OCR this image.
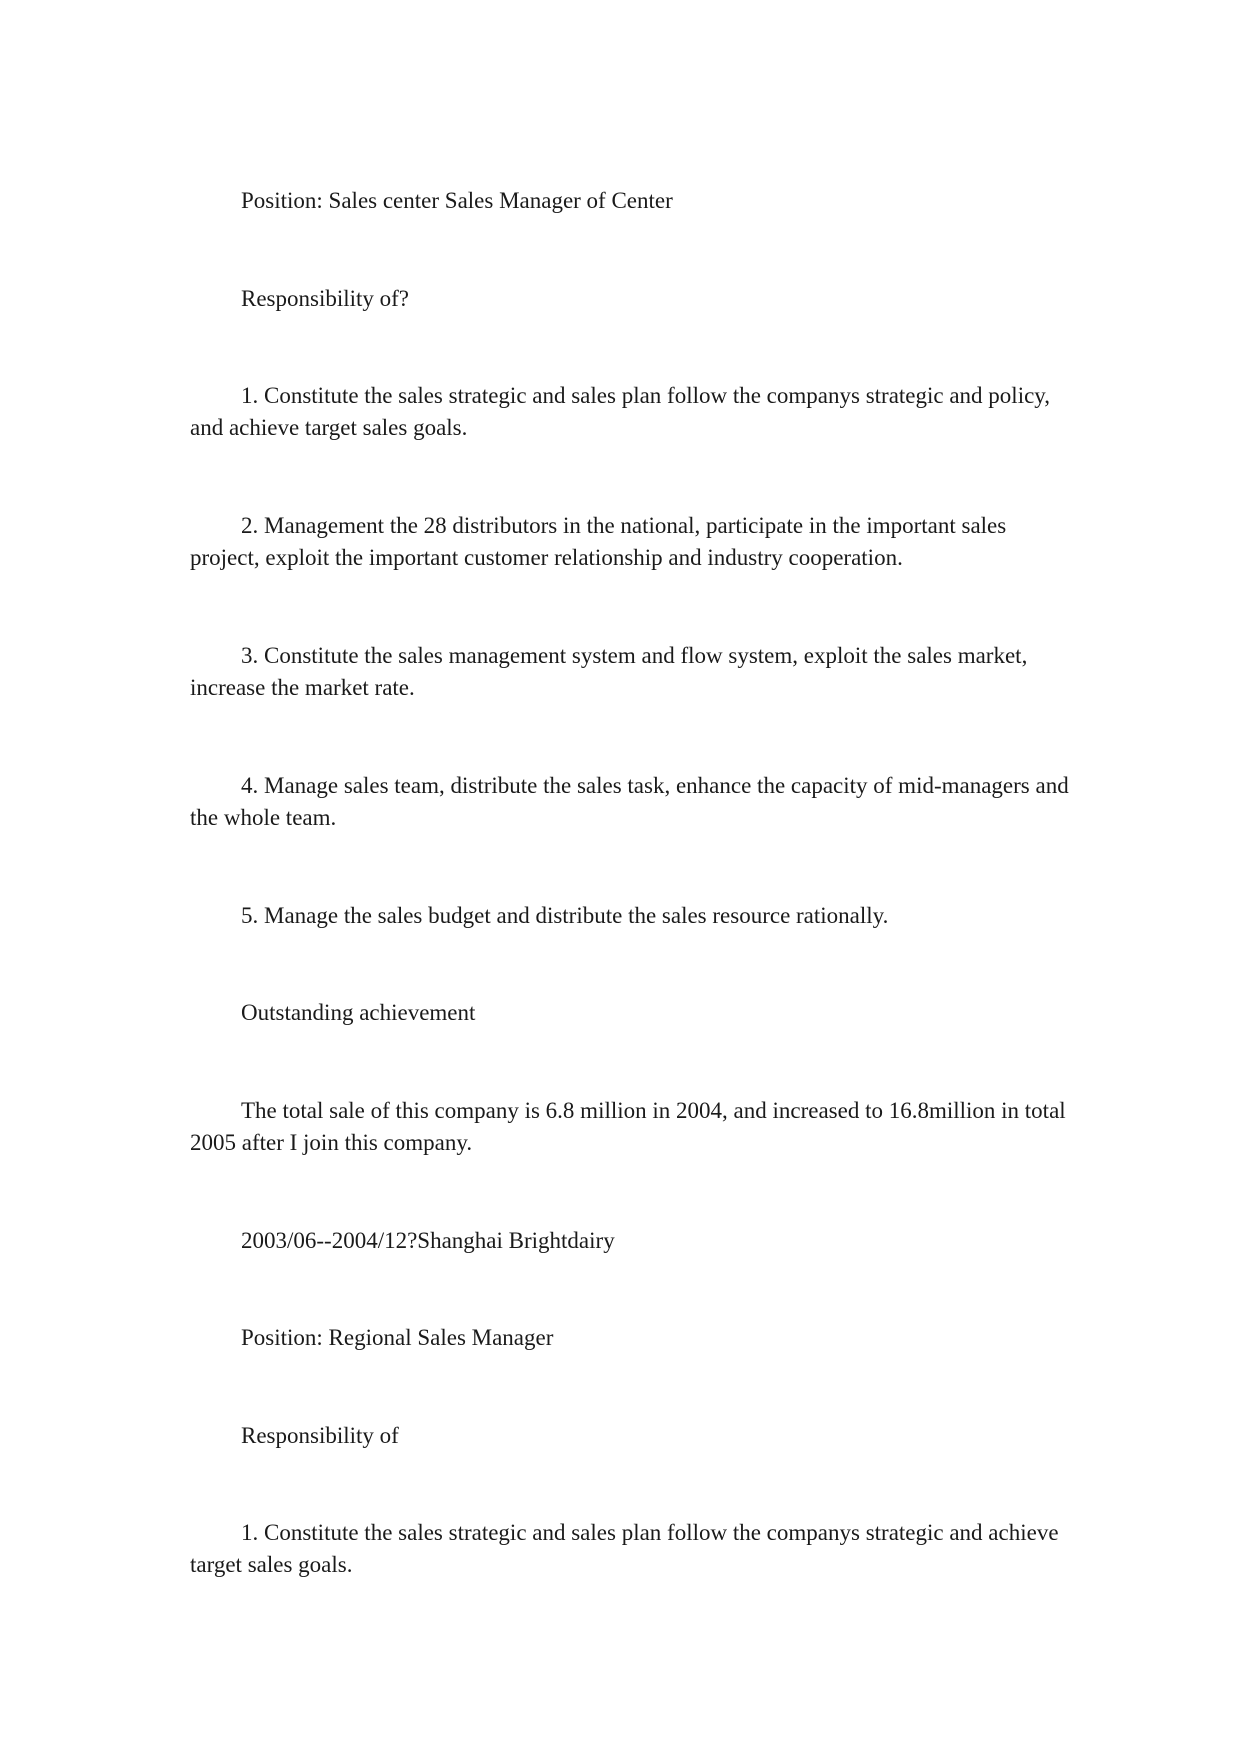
Position: Sales center Sales Manager of Center

Responsibility of?

1. Constitute the sales strategic and sales plan follow the companys strategic and policy, and achieve target sales goals.

2. Management the 28 distributors in the national, participate in the important sales project, exploit the important customer relationship and industry cooperation.

3. Constitute the sales management system and flow system, exploit the sales market, increase the market rate.

4. Manage sales team, distribute the sales task, enhance the capacity of mid-managers and the whole team.

5. Manage the sales budget and distribute the sales resource rationally.

Outstanding achievement

The total sale of this company is 6.8 million in 2004, and increased to 16.8million in total 2005 after I join this company.

2003/06--2004/12?Shanghai Brightdairy

Position: Regional Sales Manager

Responsibility of

1. Constitute the sales strategic and sales plan follow the companys strategic and achieve target sales goals.
